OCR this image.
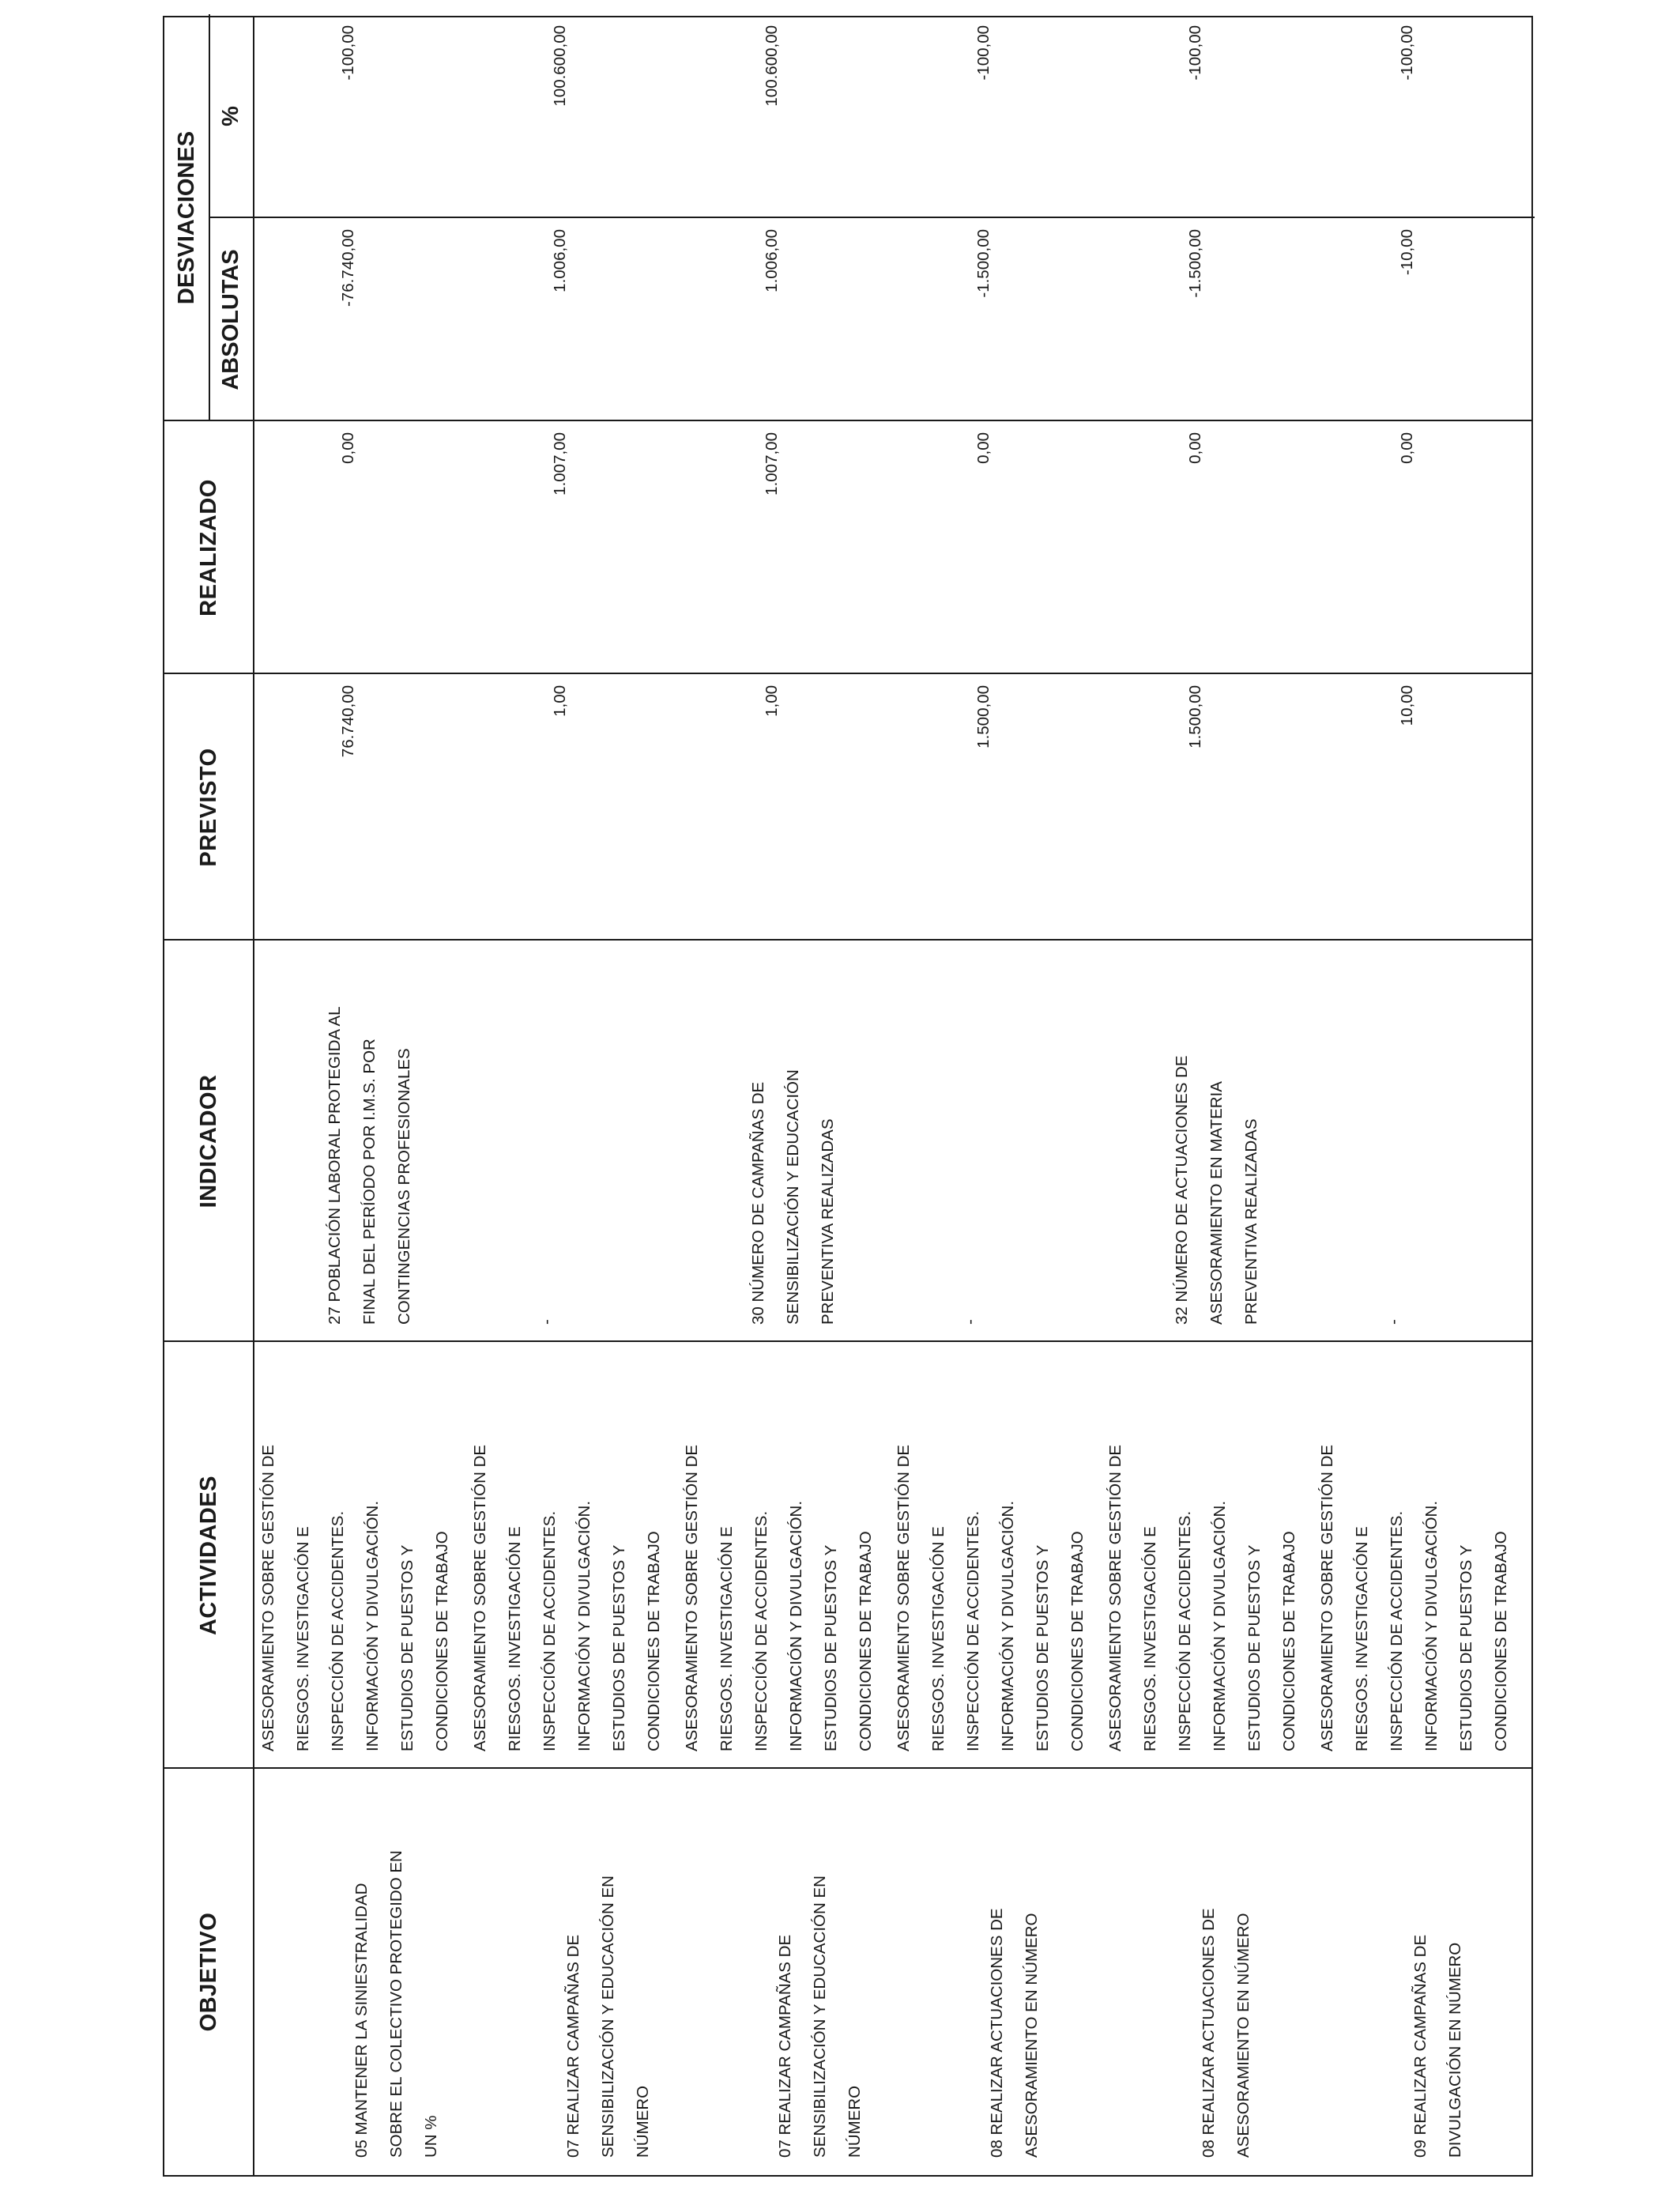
OBJETIVO
ACTIVIDADES
INDICADOR
PREVISTO
REALIZADO
DESVIACIONES
ABSOLUTAS
%
05 MANTENER LA SINIESTRALIDAD
SOBRE EL COLECTIVO PROTEGIDO EN
UN %
ASESORAMIENTO SOBRE GESTIÓN DE
RIESGOS. INVESTIGACIÓN E
INSPECCIÓN DE ACCIDENTES.
INFORMACIÓN Y DIVULGACIÓN.
ESTUDIOS DE PUESTOS Y
CONDICIONES DE TRABAJO
27 POBLACIÓN LABORAL PROTEGIDA AL
FINAL DEL PERÍODO POR I.M.S. POR
CONTINGENCIAS PROFESIONALES
76.740,00
0,00
-76.740,00
-100,00
07 REALIZAR CAMPAÑAS DE
SENSIBILIZACIÓN Y EDUCACIÓN EN
NÚMERO
ASESORAMIENTO SOBRE GESTIÓN DE
RIESGOS. INVESTIGACIÓN E
INSPECCIÓN DE ACCIDENTES.
INFORMACIÓN Y DIVULGACIÓN.
ESTUDIOS DE PUESTOS Y
CONDICIONES DE TRABAJO
-
1,00
1.007,00
1.006,00
100.600,00
07 REALIZAR CAMPAÑAS DE
SENSIBILIZACIÓN Y EDUCACIÓN EN
NÚMERO
ASESORAMIENTO SOBRE GESTIÓN DE
RIESGOS. INVESTIGACIÓN E
INSPECCIÓN DE ACCIDENTES.
INFORMACIÓN Y DIVULGACIÓN.
ESTUDIOS DE PUESTOS Y
CONDICIONES DE TRABAJO
30 NÚMERO DE CAMPAÑAS DE
SENSIBILIZACIÓN Y EDUCACIÓN
PREVENTIVA REALIZADAS
1,00
1.007,00
1.006,00
100.600,00
08 REALIZAR ACTUACIONES DE
ASESORAMIENTO EN NÚMERO
ASESORAMIENTO SOBRE GESTIÓN DE
RIESGOS. INVESTIGACIÓN E
INSPECCIÓN DE ACCIDENTES.
INFORMACIÓN Y DIVULGACIÓN.
ESTUDIOS DE PUESTOS Y
CONDICIONES DE TRABAJO
-
1.500,00
0,00
-1.500,00
-100,00
08 REALIZAR ACTUACIONES DE
ASESORAMIENTO EN NÚMERO
ASESORAMIENTO SOBRE GESTIÓN DE
RIESGOS. INVESTIGACIÓN E
INSPECCIÓN DE ACCIDENTES.
INFORMACIÓN Y DIVULGACIÓN.
ESTUDIOS DE PUESTOS Y
CONDICIONES DE TRABAJO
32 NÚMERO DE ACTUACIONES DE
ASESORAMIENTO EN MATERIA
PREVENTIVA REALIZADAS
1.500,00
0,00
-1.500,00
-100,00
09 REALIZAR CAMPAÑAS DE
DIVULGACIÓN EN NÚMERO
ASESORAMIENTO SOBRE GESTIÓN DE
RIESGOS. INVESTIGACIÓN E
INSPECCIÓN DE ACCIDENTES.
INFORMACIÓN Y DIVULGACIÓN.
ESTUDIOS DE PUESTOS Y
CONDICIONES DE TRABAJO
-
10,00
0,00
-10,00
-100,00
